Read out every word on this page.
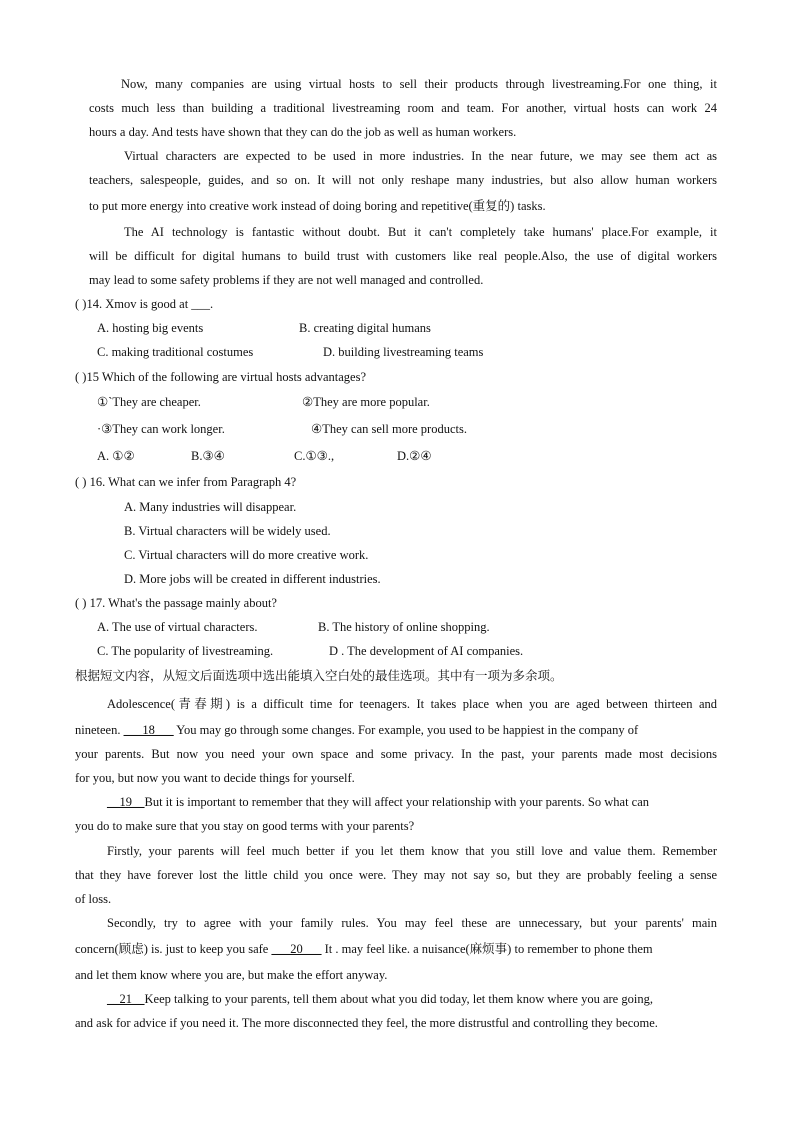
Now, many companies are using virtual hosts to sell their products through livestreaming.For one thing, it
costs much less than building a traditional livestreaming room and team. For another, virtual hosts can work 24
hours a day. And tests have shown that they can do the job as well as human workers.
Virtual characters are expected to be used in more industries. In the near future, we may see them act as
teachers, salespeople, guides, and so on. It will not only reshape many industries, but also allow human workers
to put more energy into creative work instead of doing boring and repetitive(重复的) tasks.
The AI technology is fantastic without doubt. But it can't completely take humans' place.For example, it
will be difficult for digital humans to build trust with customers like real people.Also, the use of digital workers
may lead to some safety problems if they are not well managed and controlled.
( )14. Xmov is good at ___.
A. hosting big events	B. creating digital humans
C. making traditional costumes	D. building livestreaming teams
( )15 Which of the following are virtual hosts advantages?
①`They are cheaper.	②They are more popular.
·③They can work longer.	④They can sell more products.
A. ①②	B.③④	C.①③.,	D.②④
( ) 16. What can we infer from Paragraph 4?
A. Many industries will disappear.
B. Virtual characters will be widely used.
C. Virtual characters will do more creative work.
D. More jobs will be created in different industries.
( ) 17. What's the passage mainly about?
A. The use of virtual characters.	B. The history of online shopping.
C. The popularity of livestreaming.	D . The development of AI companies.
根据短文内容，从短文后面选项中选出能填入空白处的最佳选项。其中有一项为多余项。
Adolescence(青春期) is a difficult time for teenagers. It takes place when you are aged between thirteen and
nineteen. ___18___ You may go through some changes. For example, you used to be happiest in the company of
your parents. But now you need your own space and some privacy. In the past, your parents made most decisions
for you, but now you want to decide things for yourself.
__19__But it is important to remember that they will affect your relationship with your parents. So what can
you do to make sure that you stay on good terms with your parents?
Firstly, your parents will feel much better if you let them know that you still love and value them. Remember
that they have forever lost the little child you once were. They may not say so, but they are probably feeling a sense
of loss.
Secondly, try to agree with your family rules. You may feel these are unnecessary, but your parents' main
concern(顾虑) is. just to keep you safe ___20___ It . may feel like. a nuisance(麻烦事) to remember to phone them
and let them know where you are, but make the effort anyway.
__21__Keep talking to your parents, tell them about what you did today, let them know where you are going,
and ask for advice if you need it. The more disconnected they feel, the more distrustful and controlling they become.
